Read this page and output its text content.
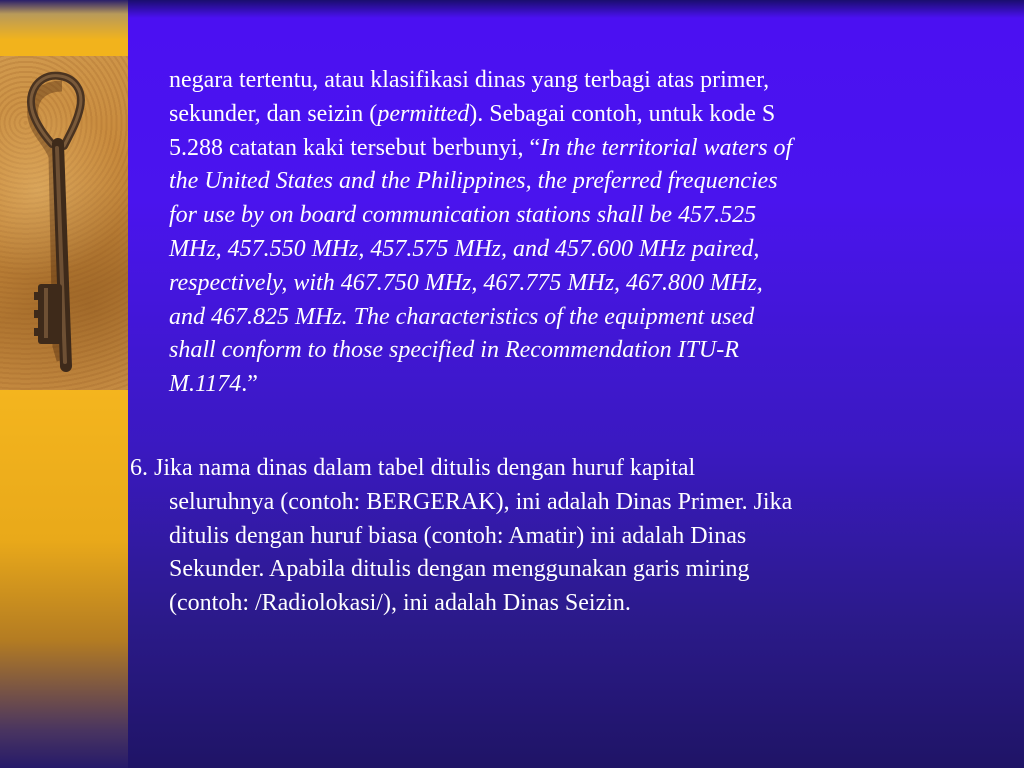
negara tertentu, atau klasifikasi dinas yang terbagi atas primer,
sekunder, dan seizin (permitted). Sebagai contoh, untuk kode S
5.288 catatan kaki tersebut berbunyi, “In the territorial waters of
the United States and the Philippines, the preferred frequencies
for use by on board communication stations shall be 457.525
MHz, 457.550 MHz, 457.575 MHz, and 457.600 MHz paired,
respectively, with 467.750 MHz, 467.775 MHz, 467.800 MHz,
and 467.825 MHz. The characteristics of the equipment used
shall conform to those specified in Recommendation ITU-R
M.1174.”
6. Jika nama dinas dalam tabel ditulis dengan huruf kapital
seluruhnya (contoh: BERGERAK), ini adalah Dinas Primer. Jika
ditulis dengan huruf biasa (contoh: Amatir) ini adalah Dinas
Sekunder. Apabila ditulis dengan menggunakan garis miring
(contoh: /Radiolokasi/), ini adalah Dinas Seizin.
